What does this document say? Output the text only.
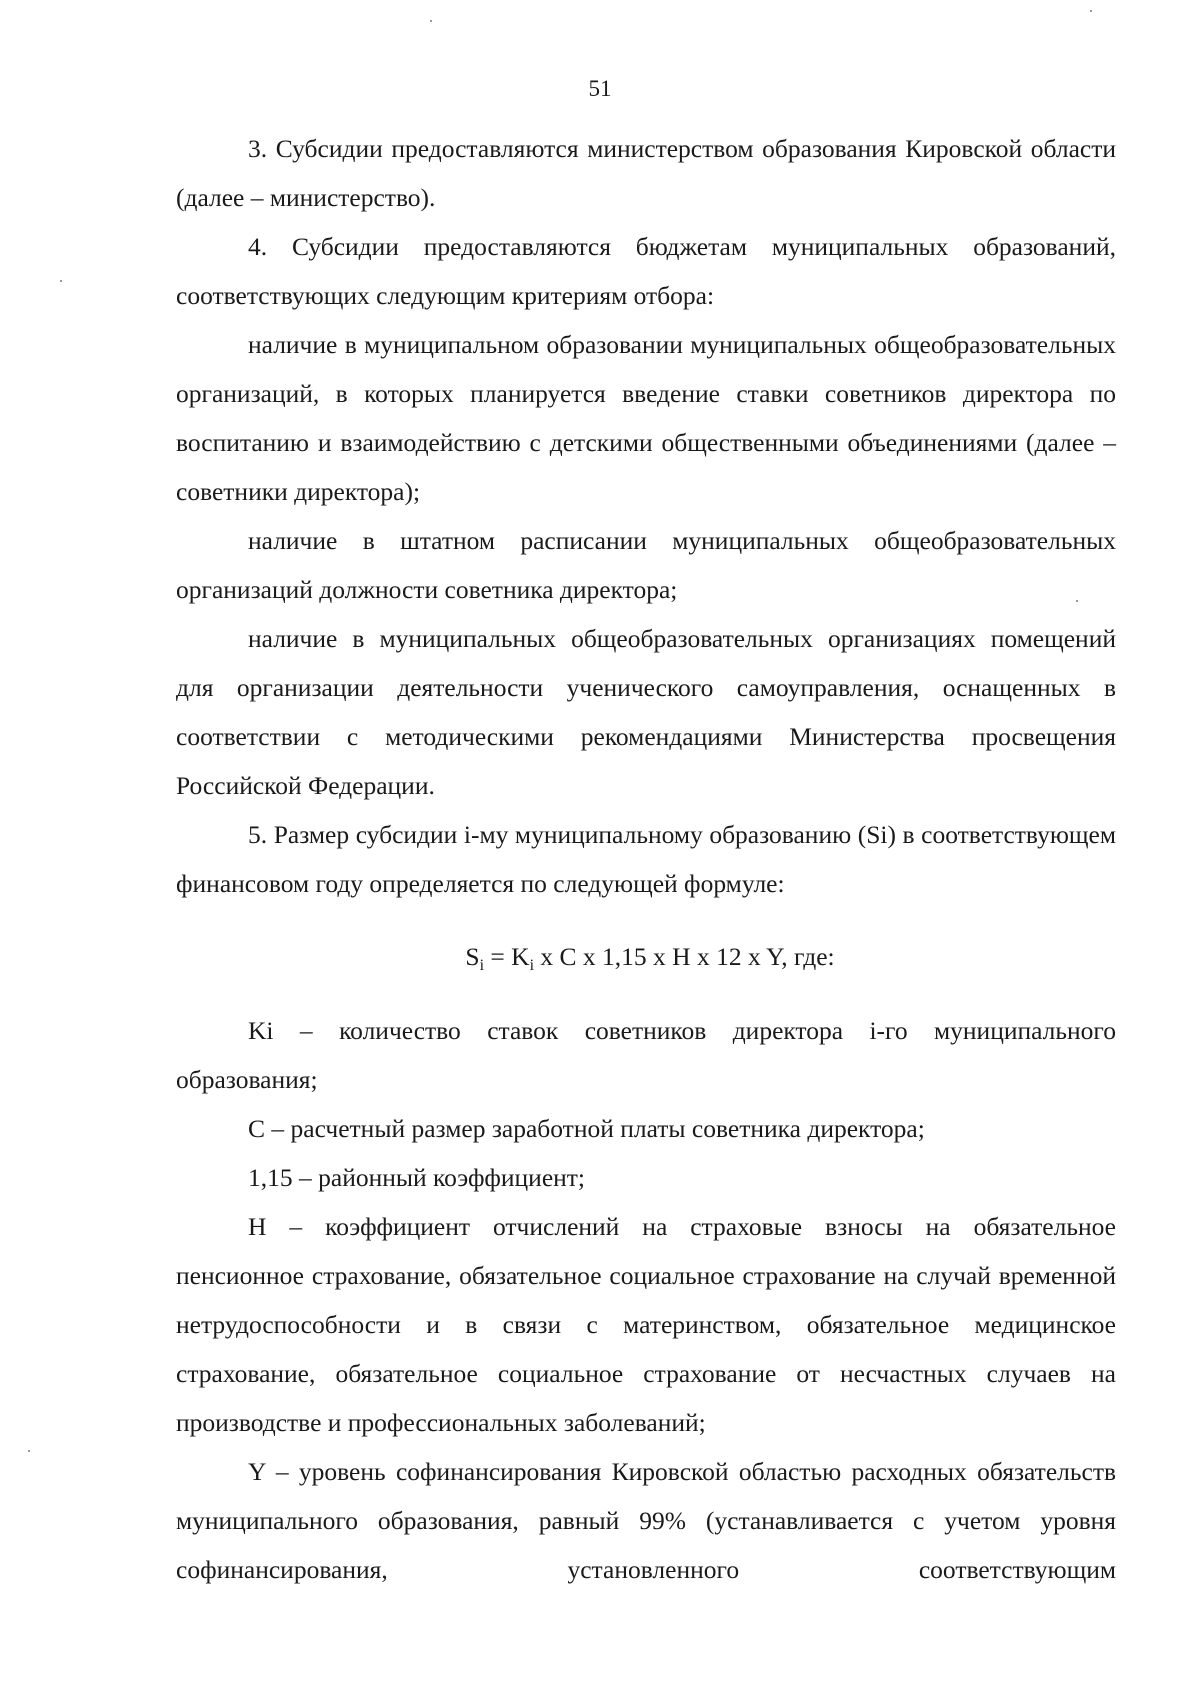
51

3. Субсидии предоставляются министерством образования Кировской области (далее – министерство).

4. Субсидии предоставляются бюджетам муниципальных образований, соответствующих следующим критериям отбора:

наличие в муниципальном образовании муниципальных общеобразовательных организаций, в которых планируется введение ставки советников директора по воспитанию и взаимодействию с детскими общественными объединениями (далее – советники директора);

наличие в штатном расписании муниципальных общеобразовательных организаций должности советника директора;

наличие в муниципальных общеобразовательных организациях помещений для организации деятельности ученического самоуправления, оснащенных в соответствии с методическими рекомендациями Министерства просвещения Российской Федерации.

5. Размер субсидии i-му муниципальному образованию (Si) в соответствующем финансовом году определяется по следующей формуле:

$S_i = K_i$ x C x 1,15 x H x 12 x Y, где:

Ki – количество ставок советников директора i-го муниципального образования;

C – расчетный размер заработной платы советника директора;

1,15 – районный коэффициент;

H – коэффициент отчислений на страховые взносы на обязательное пенсионное страхование, обязательное социальное страхование на случай временной нетрудоспособности и в связи с материнством, обязательное медицинское страхование, обязательное социальное страхование от несчастных случаев на производстве и профессиональных заболеваний;

Y – уровень софинансирования Кировской областью расходных обязательств муниципального образования, равный 99% (устанавливается с учетом уровня софинансирования, установленного соответствующим
